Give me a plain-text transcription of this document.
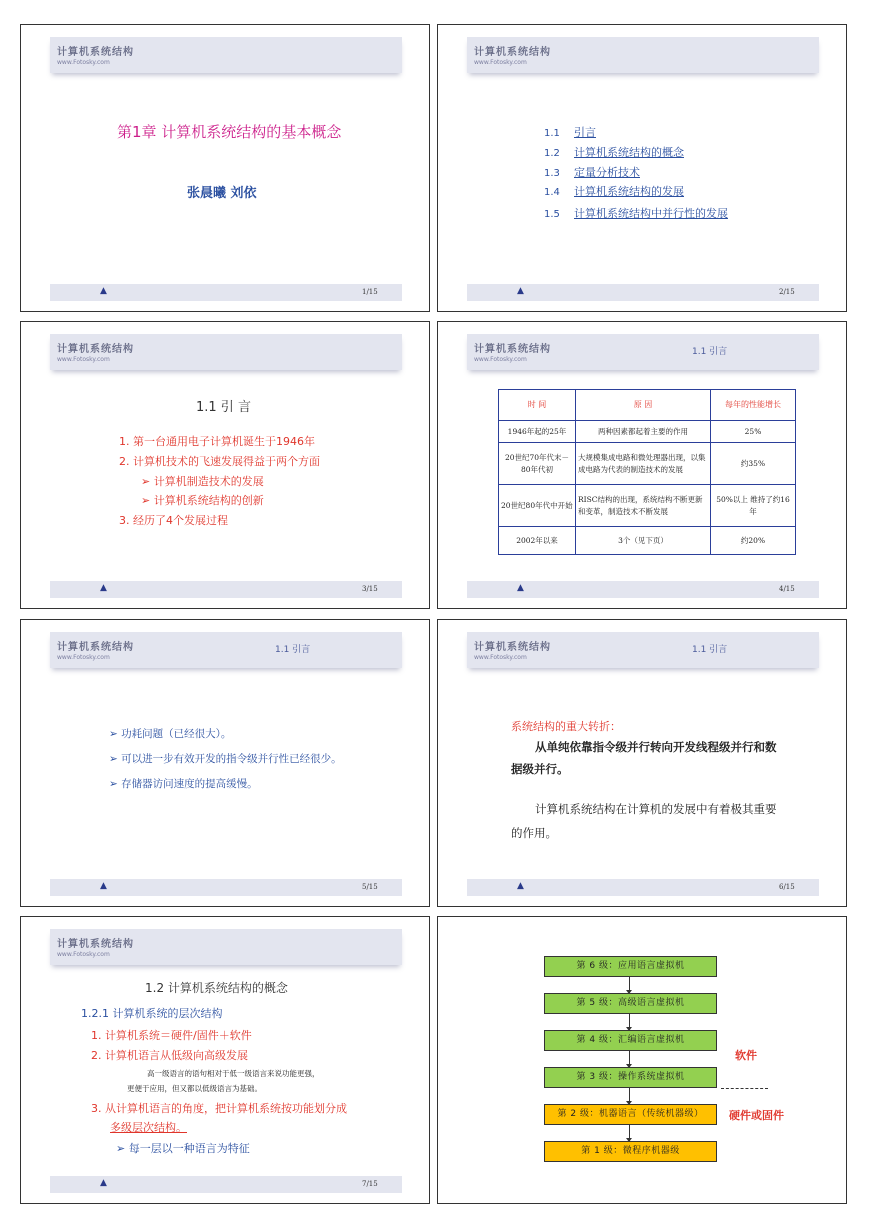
计算机系统结构
www.Fotosky.com
第1章 计算机系统结构的基本概念
张晨曦 刘依
▲	1/15
计算机系统结构
www.Fotosky.com
1.1 引言
1.2 计算机系统结构的概念
1.3 定量分析技术
1.4 计算机系统结构的发展
1.5 计算机系统结构中并行性的发展
▲	2/15
计算机系统结构
www.Fotosky.com
1.1 引 言
1. 第一台通用电子计算机诞生于1946年
2. 计算机技术的飞速发展得益于两个方面
➢ 计算机制造技术的发展
➢ 计算机系统结构的创新
3. 经历了4个发展过程
▲	3/15
计算机系统结构
www.Fotosky.com
1.1 引言
时 间	原 因	每年的性能增长
1946年起的25年	两种因素都起着主要的作用	25%
20世纪70年代末－80年代初	大规模集成电路和微处理器出现，以集成电路为代表的制造技术的发展	约35%
20世纪80年代中开始	RISC结构的出现，系统结构不断更新和变革，制造技术不断发展	50%以上 维持了约16年
2002年以来	3个（见下页）	约20%
▲	4/15
计算机系统结构
www.Fotosky.com
1.1 引言
➢ 功耗问题（已经很大）。
➢ 可以进一步有效开发的指令级并行性已经很少。
➢ 存储器访问速度的提高缓慢。
▲	5/15
计算机系统结构
www.Fotosky.com
1.1 引言
系统结构的重大转折：
从单纯依靠指令级并行转向开发线程级并行和数
据级并行。
计算机系统结构在计算机的发展中有着极其重要
的作用。
▲	6/15
计算机系统结构
www.Fotosky.com
1.2 计算机系统结构的概念
1.2.1 计算机系统的层次结构
1. 计算机系统＝硬件/固件＋软件
2. 计算机语言从低级向高级发展
高一级语言的语句相对于低一级语言来说功能更强，
更便于应用，但又都以低级语言为基础。
3. 从计算机语言的角度，把计算机系统按功能划分成
多级层次结构。
➢ 每一层以一种语言为特征
▲	7/15
第 6 级：应用语言虚拟机
第 5 级：高级语言虚拟机
第 4 级：汇编语言虚拟机
第 3 级：操作系统虚拟机
第 2 级：机器语言（传统机器级）
第 1 级：微程序机器级
软件
硬件或固件
